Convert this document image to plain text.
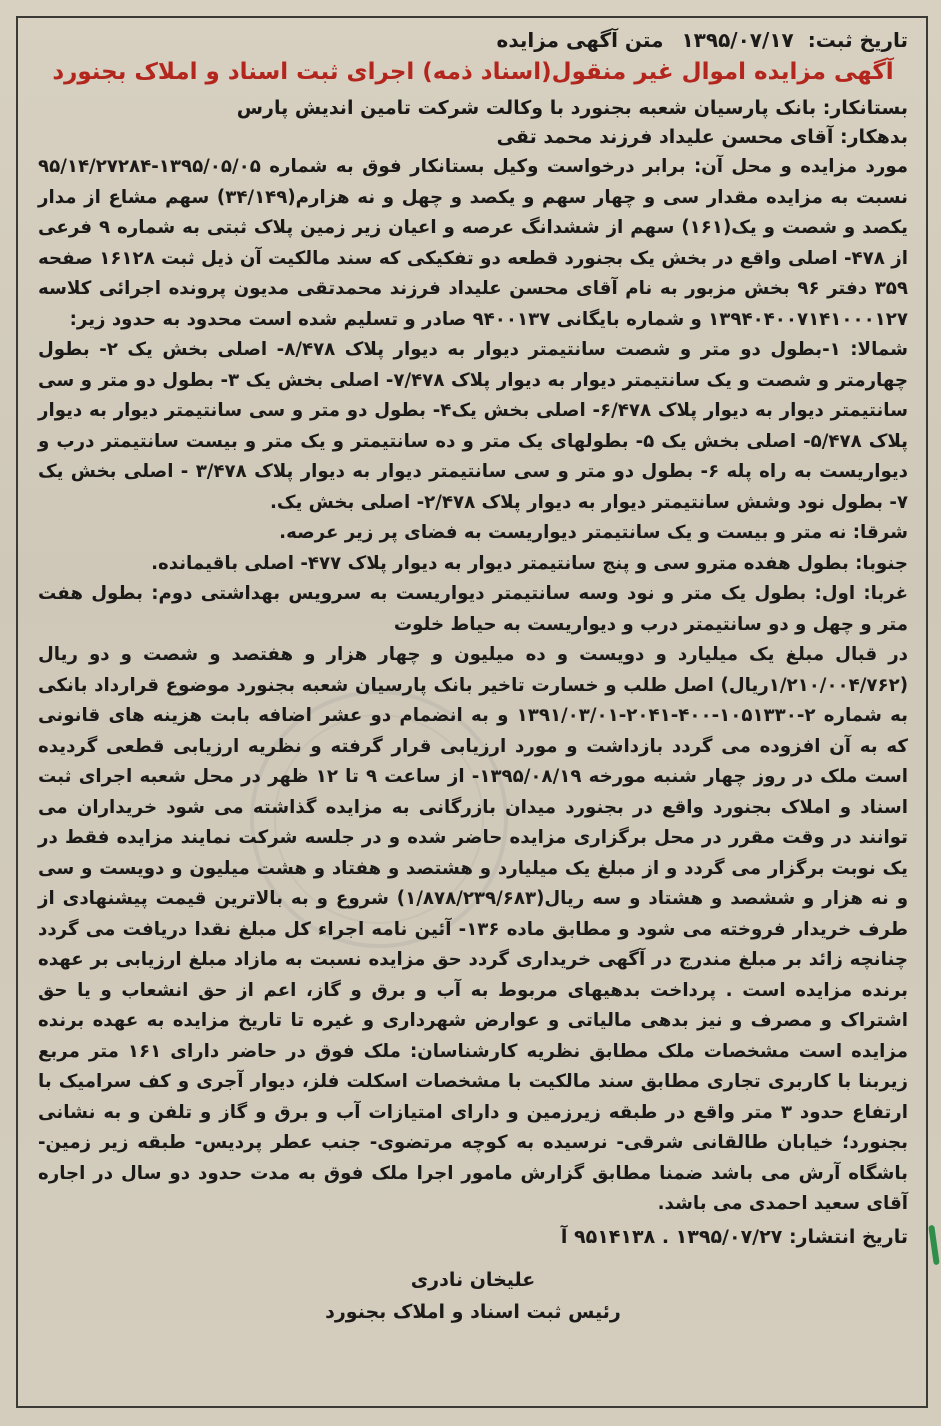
تاریخ ثبت:۱۳۹۵/۰۷/۱۷متن آگهی مزایده
آگهی مزایده اموال غیر منقول(اسناد ذمه) اجرای ثبت اسناد و املاک بجنورد
بستانکار: بانک پارسیان شعبه بجنورد با وکالت شرکت تامین اندیش پارس
بدهکار: آقای محسن علیداد فرزند محمد تقی

مورد مزایده و محل آن: برابر درخواست وکیل بستانکار فوق به شماره ۱۳۹۵/۰۵/۰۵-۹۵/۱۴/۲۷۲۸۴ نسبت به مزایده مقدار سی و چهار سهم و یکصد و چهل و نه هزارم(۳۴/۱۴۹) سهم مشاع از مدار یکصد و شصت و یک(۱۶۱) سهم از ششدانگ عرصه و اعیان زیر زمین پلاک ثبتی به شماره ۹ فرعی از ۴۷۸- اصلی واقع در بخش یک بجنورد قطعه دو تفکیکی که سند مالکیت آن ذیل ثبت ۱۶۱۲۸ صفحه ۳۵۹ دفتر ۹۶ بخش مزبور به نام آقای محسن علیداد فرزند محمدتقی مدیون پرونده اجرائی کلاسه ۱۳۹۴۰۴۰۰۷۱۴۱۰۰۰۱۲۷ و شماره بایگانی ۹۴۰۰۱۳۷ صادر و تسلیم شده است محدود به حدود زیر:

شمالا: ۱-بطول دو متر و شصت سانتیمتر دیوار به دیوار پلاک ۸/۴۷۸- اصلی بخش یک ۲- بطول چهارمتر و شصت و یک سانتیمتر دیوار به دیوار پلاک ۷/۴۷۸- اصلی بخش یک ۳- بطول دو متر و سی سانتیمتر دیوار به دیوار پلاک ۶/۴۷۸- اصلی بخش یک۴- بطول دو متر و سی سانتیمتر دیوار به دیوار پلاک ۵/۴۷۸- اصلی بخش یک ۵- بطولهای یک متر و ده سانتیمتر و یک متر و بیست سانتیمتر درب و دیواریست به راه پله ۶- بطول دو متر و سی سانتیمتر دیوار به دیوار پلاک ۳/۴۷۸ - اصلی بخش یک ۷- بطول نود وشش سانتیمتر دیوار به دیوار پلاک ۲/۴۷۸- اصلی بخش یک.

شرقا: نه متر و بیست و یک سانتیمتر دیواریست به فضای پر زیر عرصه.

جنوبا: بطول هفده مترو سی و پنج سانتیمتر دیوار به دیوار پلاک ۴۷۷- اصلی باقیمانده.

غربا: اول: بطول یک متر و نود وسه سانتیمتر دیواریست به سرویس بهداشتی دوم: بطول هفت متر و چهل و دو سانتیمتر درب و دیواریست به حیاط خلوت

در قبال مبلغ یک میلیارد و دویست و ده میلیون و چهار هزار و هفتصد و شصت و دو ریال (۱/۲۱۰/۰۰۴/۷۶۲ریال) اصل طلب و خسارت تاخیر بانک پارسیان شعبه بجنورد موضوع قرارداد بانکی به شماره ۲-۱۰۵۱۳۳۰-۴۰۰-۲۰۴۱-۱۳۹۱/۰۳/۰۱ و به انضمام دو عشر اضافه بابت هزینه های قانونی که به آن افزوده می گردد بازداشت و مورد ارزیابی قرار گرفته و نظریه ارزیابی قطعی گردیده است ملک در روز چهار شنبه مورخه ۱۳۹۵/۰۸/۱۹- از ساعت ۹ تا ۱۲ ظهر در محل شعبه اجرای ثبت اسناد و املاک بجنورد واقع در بجنورد میدان بازرگانی به مزایده گذاشته می شود خریداران می توانند در وقت مقرر در محل برگزاری مزایده حاضر شده و در جلسه شرکت نمایند مزایده فقط در یک نوبت برگزار می گردد و از مبلغ یک میلیارد و هشتصد و هفتاد و هشت میلیون و دویست و سی و نه هزار و ششصد و هشتاد و سه ریال(۱/۸۷۸/۲۳۹/۶۸۳) شروع و به بالاترین قیمت پیشنهادی از طرف خریدار فروخته می شود و مطابق ماده ۱۳۶- آئین نامه اجراء کل مبلغ نقدا دریافت می گردد چنانچه زائد بر مبلغ مندرج در آگهی خریداری گردد حق مزایده نسبت به مازاد مبلغ ارزیابی بر عهده برنده مزایده است . پرداخت بدهیهای مربوط به آب و برق و گاز، اعم از حق انشعاب و یا حق اشتراک و مصرف و نیز بدهی مالیاتی و عوارض شهرداری و غیره تا تاریخ مزایده به عهده برنده مزایده است مشخصات ملک مطابق نظریه کارشناسان: ملک فوق در حاضر دارای ۱۶۱ متر مربع زیربنا با کاربری تجاری مطابق سند مالکیت با مشخصات اسکلت فلز، دیوار آجری و کف سرامیک با ارتفاع حدود ۳ متر واقع در طبقه زیرزمین و دارای امتیازات آب و برق و گاز و تلفن و به نشانی بجنورد؛ خیابان طالقانی شرقی- نرسیده به کوچه مرتضوی- جنب عطر پردیس- طبقه زیر زمین- باشگاه آرش می باشد ضمنا مطابق گزارش مامور اجرا ملک فوق به مدت حدود دو سال در اجاره آقای سعید احمدی می باشد.

تاریخ انتشار: ۱۳۹۵/۰۷/۲۷ . ۹۵۱۴۱۳۸ آ
علیخان نادری
رئیس ثبت اسناد و املاک بجنورد
